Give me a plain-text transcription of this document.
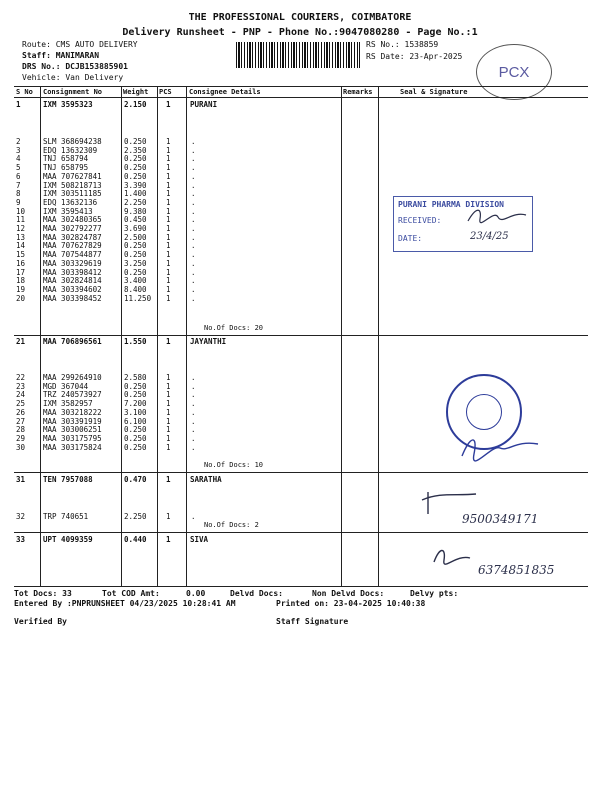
THE PROFESSIONAL COURIERS, COIMBATORE
Delivery Runsheet - PNP - Phone No.:9047080280 - Page No.:1
Route: CMS AUTO DELIVERY
Staff: MANIMARAN
DRS No.: DCJB153885901
Vehicle: Van Delivery
RS No.: 1538859
RS Date: 23-Apr-2025
PCX
S No Consignment No	Weight PCS Consignee Details	Remarks	Seal & Signature
1	IXM 3595323	2.150	1	PURANI
2	SLM 368694238	0.250	1	.
3	EDQ 13632309	2.350	1	.
4	TNJ 658794	0.250	1	.
5	TNJ 658795	0.250	1	.
6	MAA 707627841	0.250	1	.
7	IXM 508218713	3.390	1	.
8	IXM 303511185	1.400	1	.
9	EDQ 13632136	2.250	1	.
10 IXM 3595413	9.380	1	.
11 MAA 302480365	0.450	1	.
12 MAA 302792277	3.690	1	.
13 MAA 302824787	2.500	1	.
14 MAA 707627829	0.250	1	.
15 MAA 707544877	0.250	1	.
16 MAA 303329619	3.250	1	.
17 MAA 303398412	0.250	1	.
18 MAA 302824814	3.400	1	.
19 MAA 303394602	8.400	1	.
20 MAA 303398452	11.250 1	.
No.Of Docs: 20
21 MAA 706896561	1.550	1	JAYANTHI
22 MAA 299264910	2.580	1	.
23 MGD 367044	0.250	1	.
24 TRZ 240573927	0.250	1	.
25 IXM 3582957	7.200	1	.
26 MAA 303218222	3.100	1	.
27 MAA 303391919	6.100	1	.
28 MAA 303006251	0.250	1	.
29 MAA 303175795	0.250	1	.
30 MAA 303175824	0.250	1	.
No.Of Docs: 10
31 TEN 7957088	0.470	1	SARATHA
32 TRP 740651	2.250	1	.
No.Of Docs: 2
33 UPT 4099359	0.440	1	SIVA
PURANI PHARMA DIVISION
RECEIVED:
DATE:	23/4/25
9500349171
6374851835
Tot Docs: 33	Tot COD Amt:	0.00	Delvd Docs:	Non Delvd Docs:	Delvy pts:
Entered By :PNPRUNSHEET 04/23/2025 10:28:41 AM	Printed on: 23-04-2025 10:40:38
Verified By	Staff Signature
